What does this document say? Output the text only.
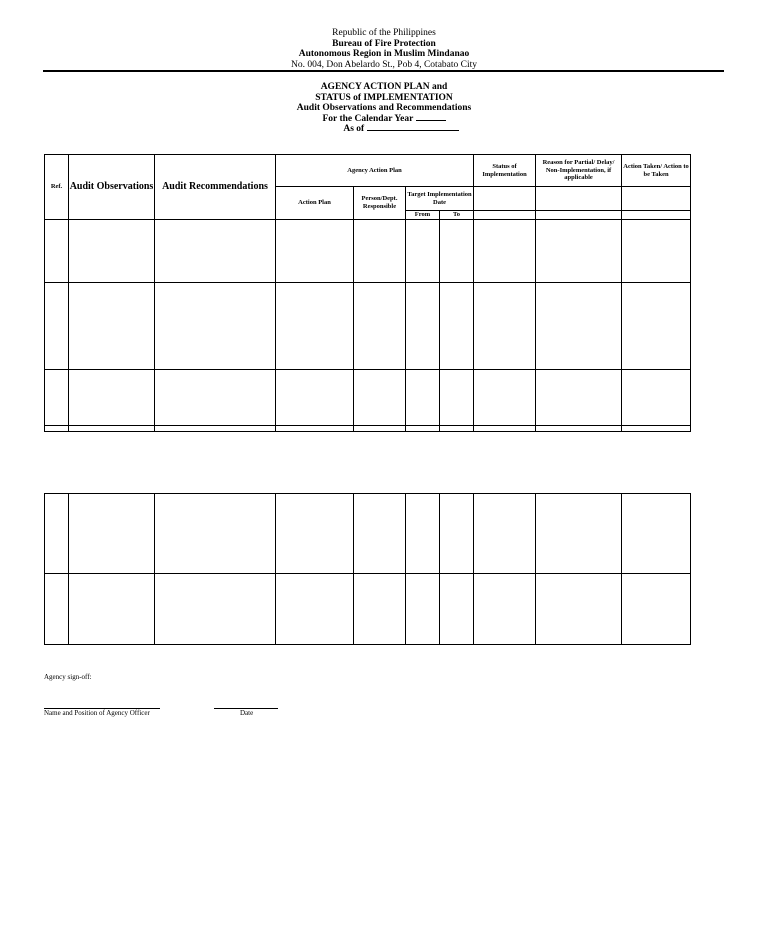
Republic of the Philippines
Bureau of Fire Protection
Autonomous Region in Muslim Mindanao
No. 004, Don Abelardo St., Pob 4, Cotabato City
AGENCY ACTION PLAN and
STATUS of IMPLEMENTATION
Audit Observations and Recommendations
For the Calendar Year
As of
Ref.	Audit Observations	Audit Recommendations	Agency Action Plan				Status of Implementation	Reason for Partial/ Delay/ Non-Implementation, if applicable	Action Taken/ Action to be Taken
			Action Plan	Person/Dept. Responsible	Target Implementation Date				
					From	To			

Agency sign-off:
Name and Position of Agency Officer	Date
